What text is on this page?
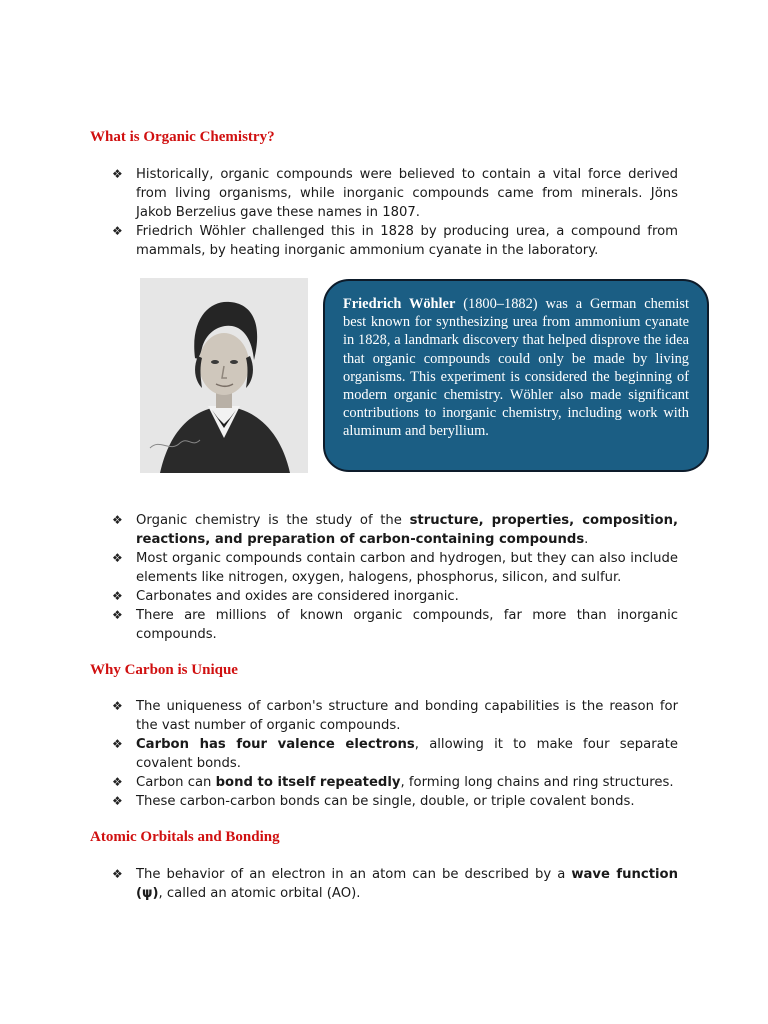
What is Organic Chemistry?
❖ Historically, organic compounds were believed to contain a vital force derived from living organisms, while inorganic compounds came from minerals. Jöns Jakob Berzelius gave these names in 1807.
❖ Friedrich Wöhler challenged this in 1828 by producing urea, a compound from mammals, by heating inorganic ammonium cyanate in the laboratory.
Friedrich Wöhler (1800–1882) was a German chemist best known for synthesizing urea from ammonium cyanate in 1828, a landmark discovery that helped disprove the idea that organic compounds could only be made by living organisms. This experiment is considered the beginning of modern organic chemistry. Wöhler also made significant contributions to inorganic chemistry, including work with aluminum and beryllium.
❖ Organic chemistry is the study of the structure, properties, composition, reactions, and preparation of carbon-containing compounds.
❖ Most organic compounds contain carbon and hydrogen, but they can also include elements like nitrogen, oxygen, halogens, phosphorus, silicon, and sulfur.
❖ Carbonates and oxides are considered inorganic.
❖ There are millions of known organic compounds, far more than inorganic compounds.
Why Carbon is Unique
❖ The uniqueness of carbon's structure and bonding capabilities is the reason for the vast number of organic compounds.
❖ Carbon has four valence electrons, allowing it to make four separate covalent bonds.
❖ Carbon can bond to itself repeatedly, forming long chains and ring structures.
❖ These carbon-carbon bonds can be single, double, or triple covalent bonds.
Atomic Orbitals and Bonding
❖ The behavior of an electron in an atom can be described by a wave function (ψ), called an atomic orbital (AO).
